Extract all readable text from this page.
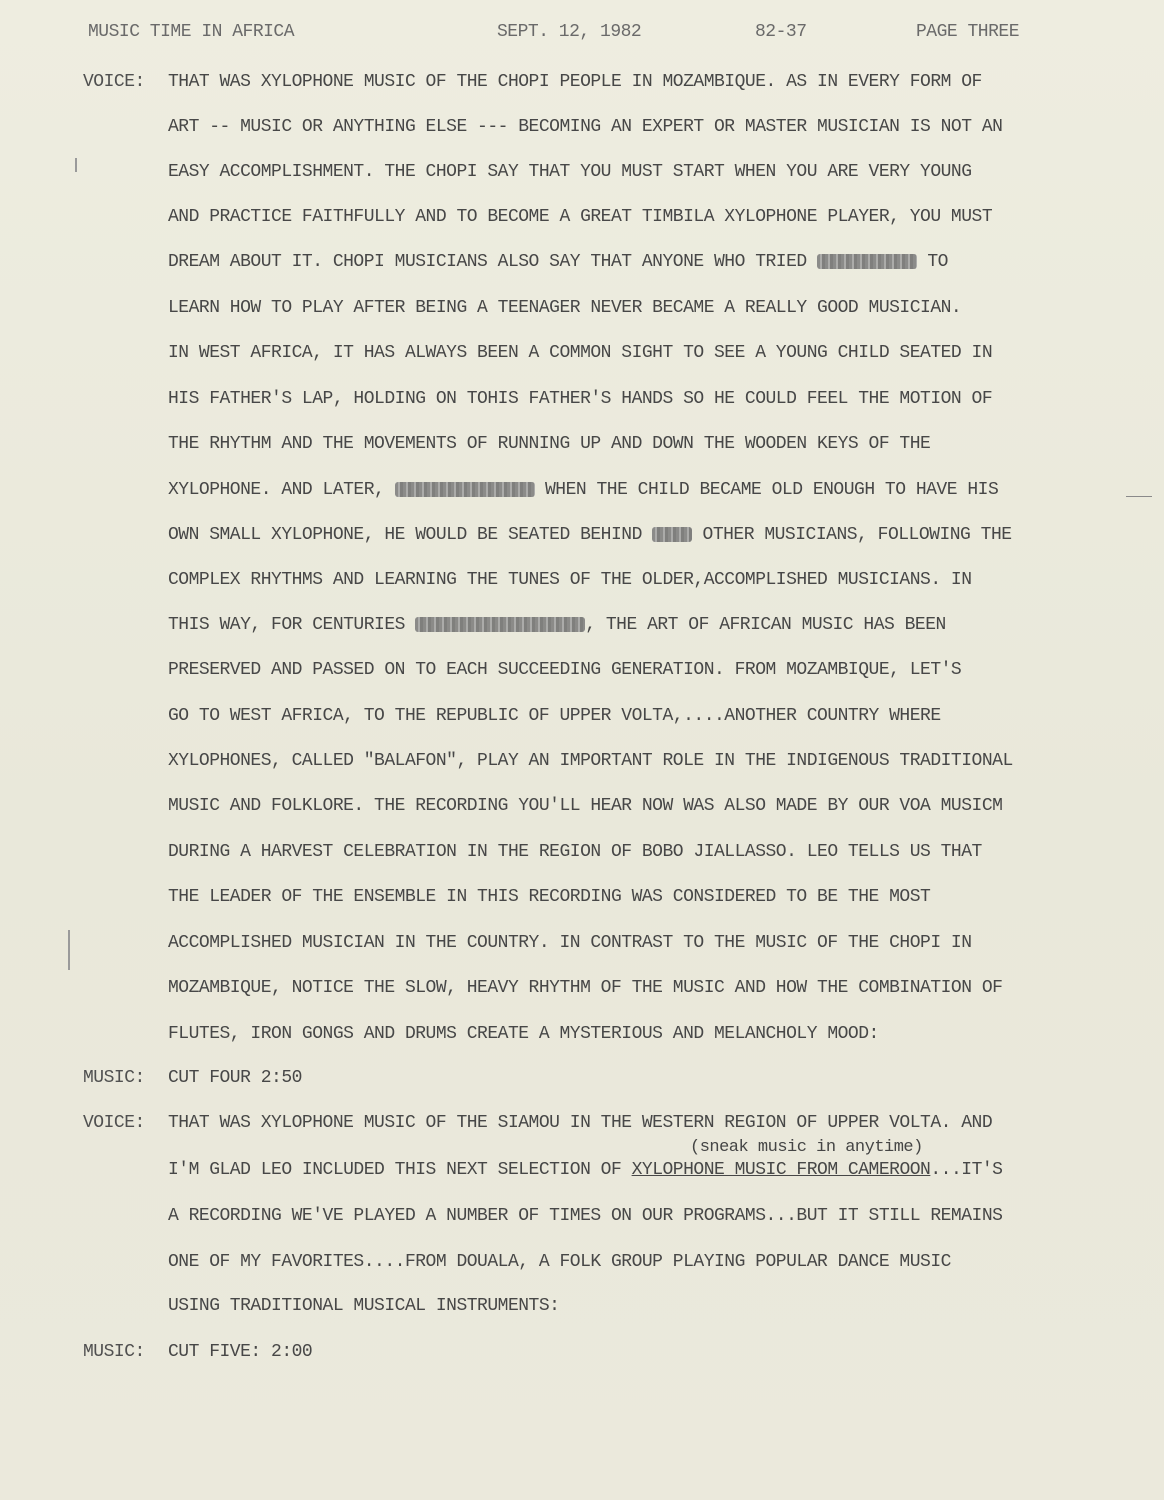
MUSIC TIME IN AFRICA	SEPT. 12, 1982	82-37	PAGE THREE
VOICE: THAT WAS XYLOPHONE MUSIC OF THE CHOPI PEOPLE IN MOZAMBIQUE. AS IN EVERY FORM OF
ART -- MUSIC OR ANYTHING ELSE --- BECOMING AN EXPERT OR MASTER MUSICIAN IS NOT AN
EASY ACCOMPLISHMENT. THE CHOPI SAY THAT YOU MUST START WHEN YOU ARE VERY YOUNG
AND PRACTICE FAITHFULLY AND TO BECOME A GREAT TIMBILA XYLOPHONE PLAYER, YOU MUST
DREAM ABOUT IT. CHOPI MUSICIANS ALSO SAY THAT ANYONE WHO TRIED	TO
LEARN HOW TO PLAY AFTER BEING A TEENAGER NEVER BECAME A REALLY GOOD MUSICIAN.
IN WEST AFRICA, IT HAS ALWAYS BEEN A COMMON SIGHT TO SEE A YOUNG CHILD SEATED IN
HIS FATHER'S LAP, HOLDING ON TOHIS FATHER'S HANDS SO HE COULD FEEL THE MOTION OF
THE RHYTHM AND THE MOVEMENTS OF RUNNING UP AND DOWN THE WOODEN KEYS OF THE
XYLOPHONE. AND LATER,	WHEN THE CHILD BECAME OLD ENOUGH TO HAVE HIS
OWN SMALL XYLOPHONE, HE WOULD BE SEATED BEHIND	OTHER MUSICIANS, FOLLOWING THE
COMPLEX RHYTHMS AND LEARNING THE TUNES OF THE OLDER,ACCOMPLISHED MUSICIANS. IN
THIS WAY, FOR CENTURIES	, THE ART OF AFRICAN MUSIC HAS BEEN
PRESERVED AND PASSED ON TO EACH SUCCEEDING GENERATION. FROM MOZAMBIQUE, LET'S
GO TO WEST AFRICA, TO THE REPUBLIC OF UPPER VOLTA,....ANOTHER COUNTRY WHERE
XYLOPHONES, CALLED "BALAFON", PLAY AN IMPORTANT ROLE IN THE INDIGENOUS TRADITIONAL
MUSIC AND FOLKLORE. THE RECORDING YOU'LL HEAR NOW WAS ALSO MADE BY OUR VOA MUSICM
DURING A HARVEST CELEBRATION IN THE REGION OF BOBO JIALLASSO. LEO TELLS US THAT
THE LEADER OF THE ENSEMBLE IN THIS RECORDING WAS CONSIDERED TO BE THE MOST
ACCOMPLISHED MUSICIAN IN THE COUNTRY. IN CONTRAST TO THE MUSIC OF THE CHOPI IN
MOZAMBIQUE, NOTICE THE SLOW, HEAVY RHYTHM OF THE MUSIC AND HOW THE COMBINATION OF
FLUTES, IRON GONGS AND DRUMS CREATE A MYSTERIOUS AND MELANCHOLY MOOD:
MUSIC: CUT FOUR 2:50
VOICE: THAT WAS XYLOPHONE MUSIC OF THE SIAMOU IN THE WESTERN REGION OF UPPER VOLTA. AND
(sneak music in anytime)
I'M GLAD LEO INCLUDED THIS NEXT SELECTION OF XYLOPHONE MUSIC FROM CAMEROON...IT'S
A RECORDING WE'VE PLAYED A NUMBER OF TIMES ON OUR PROGRAMS...BUT IT STILL REMAINS
ONE OF MY FAVORITES....FROM DOUALA, A FOLK GROUP PLAYING POPULAR DANCE MUSIC
USING TRADITIONAL MUSICAL INSTRUMENTS:
MUSIC: CUT FIVE: 2:00
